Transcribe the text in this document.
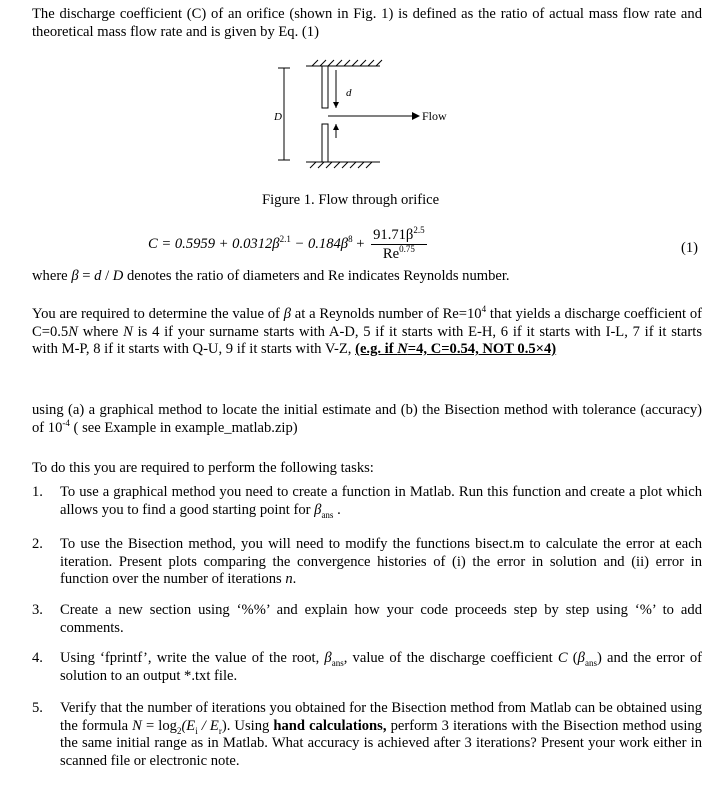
The discharge coefficient (C) of an orifice (shown in Fig. 1) is defined as the ratio of actual mass flow rate and theoretical mass flow rate and is given by Eq. (1)
D
d
Flow
Figure 1. Flow through orifice
$C = 0.5959 + 0.0312\beta^{2.1} - 0.184\beta^8 + \frac{91.71\beta^{2.5}}{Re^{0.75}}$	(1)
where β = d / D denotes the ratio of diameters and Re indicates Reynolds number.
You are required to determine the value of β at a Reynolds number of $Re=10^4$ that yields a discharge coefficient of C=0.5N where N is 4 if your surname starts with A-D, 5 if it starts with E-H, 6 if it starts with I-L, 7 if it starts with M-P, 8 if it starts with Q-U, 9 if it starts with V-Z, (e.g. if N=4, C=0.54, NOT 0.5×4)
using (a) a graphical method to locate the initial estimate and (b) the Bisection method with tolerance (accuracy) of $10^{-4}$ ( see Example in example_matlab.zip)
To do this you are required to perform the following tasks:
1. To use a graphical method you need to create a function in Matlab. Run this function and create a plot which allows you to find a good starting point for $\beta_{ans}$ .
2. To use the Bisection method, you will need to modify the functions bisect.m to calculate the error at each iteration. Present plots comparing the convergence histories of (i) the error in solution and (ii) error in function over the number of iterations n.
3. Create a new section using ‘%%’ and explain how your code proceeds step by step using ‘%’ to add comments.
4. Using ‘fprintf’, write the value of the root, $\beta_{ans}$, value of the discharge coefficient C $(\beta_{ans})$ and the error of solution to an output *.txt file.
5. Verify that the number of iterations you obtained for the Bisection method from Matlab can be obtained using the formula $N = \log_2(E_i / E_r)$. Using hand calculations, perform 3 iterations with the Bisection method using the same initial range as in Matlab. What accuracy is achieved after 3 iterations? Present your work either in scanned file or electronic note.
